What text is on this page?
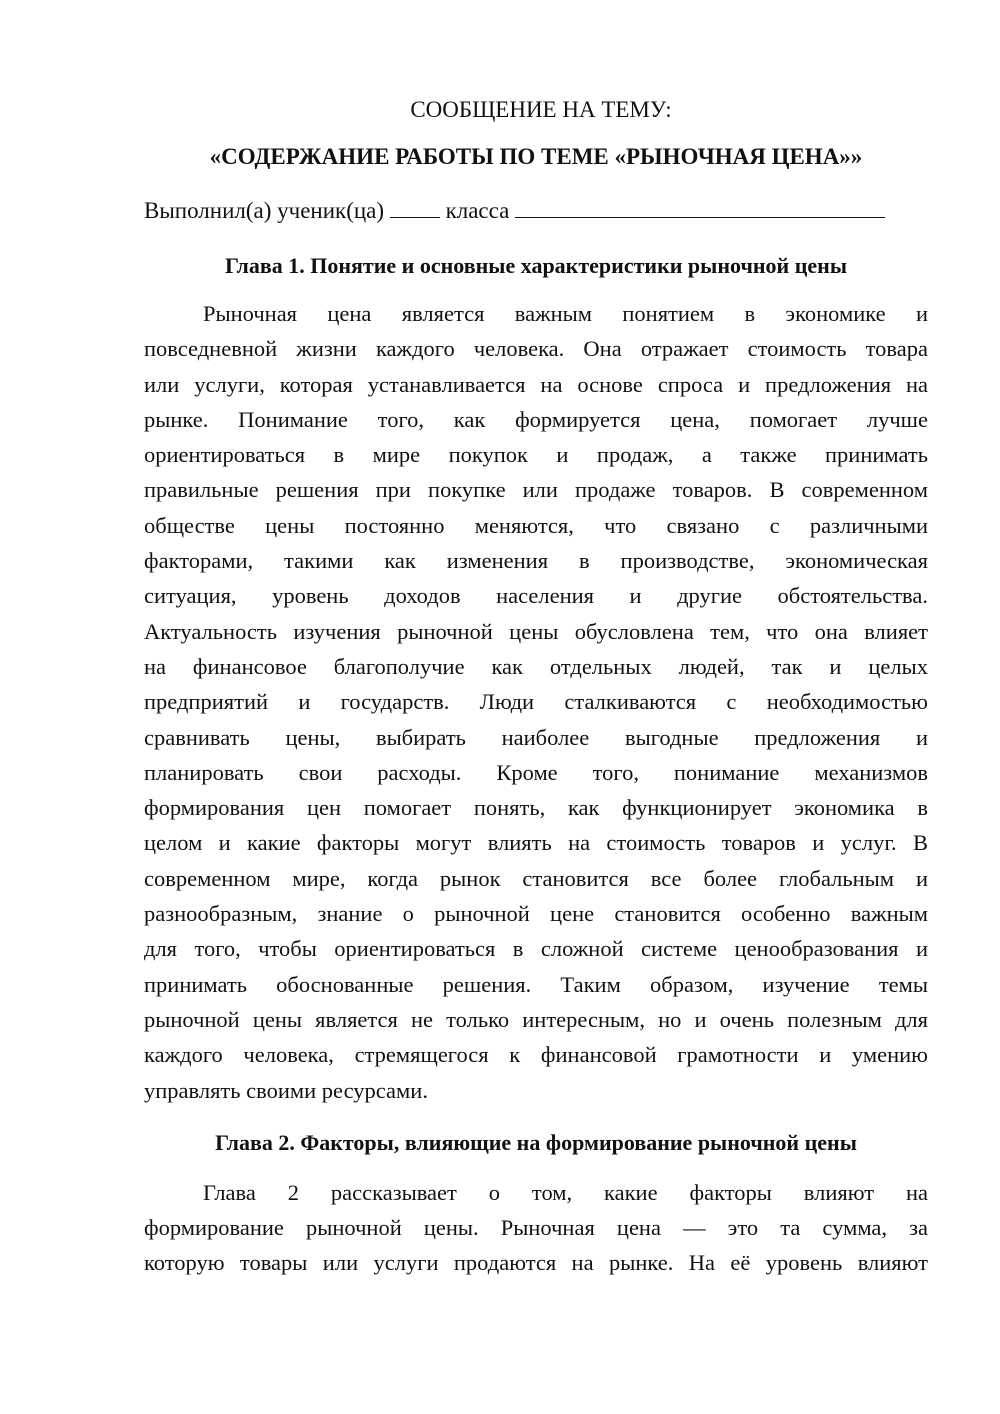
СООБЩЕНИЕ НА ТЕМУ:

«СОДЕРЖАНИЕ РАБОТЫ ПО ТЕМЕ «РЫНОЧНАЯ ЦЕНА»»

Выполнил(а) ученик(ца)	класса

Глава 1. Понятие и основные характеристики рыночной цены

Рыночная цена является важным понятием в экономике и
повседневной жизни каждого человека. Она отражает стоимость товара
или услуги, которая устанавливается на основе спроса и предложения на
рынке. Понимание того, как формируется цена, помогает лучше
ориентироваться в мире покупок и продаж, а также принимать
правильные решения при покупке или продаже товаров. В современном
обществе цены постоянно меняются, что связано с различными
факторами, такими как изменения в производстве, экономическая
ситуация, уровень доходов населения и другие обстоятельства.
Актуальность изучения рыночной цены обусловлена тем, что она влияет
на финансовое благополучие как отдельных людей, так и целых
предприятий и государств. Люди сталкиваются с необходимостью
сравнивать цены, выбирать наиболее выгодные предложения и
планировать свои расходы. Кроме того, понимание механизмов
формирования цен помогает понять, как функционирует экономика в
целом и какие факторы могут влиять на стоимость товаров и услуг. В
современном мире, когда рынок становится все более глобальным и
разнообразным, знание о рыночной цене становится особенно важным
для того, чтобы ориентироваться в сложной системе ценообразования и
принимать обоснованные решения. Таким образом, изучение темы
рыночной цены является не только интересным, но и очень полезным для
каждого человека, стремящегося к финансовой грамотности и умению
управлять своими ресурсами.

Глава 2. Факторы, влияющие на формирование рыночной цены

Глава 2 рассказывает о том, какие факторы влияют на
формирование рыночной цены. Рыночная цена — это та сумма, за
которую товары или услуги продаются на рынке. На её уровень влияют
